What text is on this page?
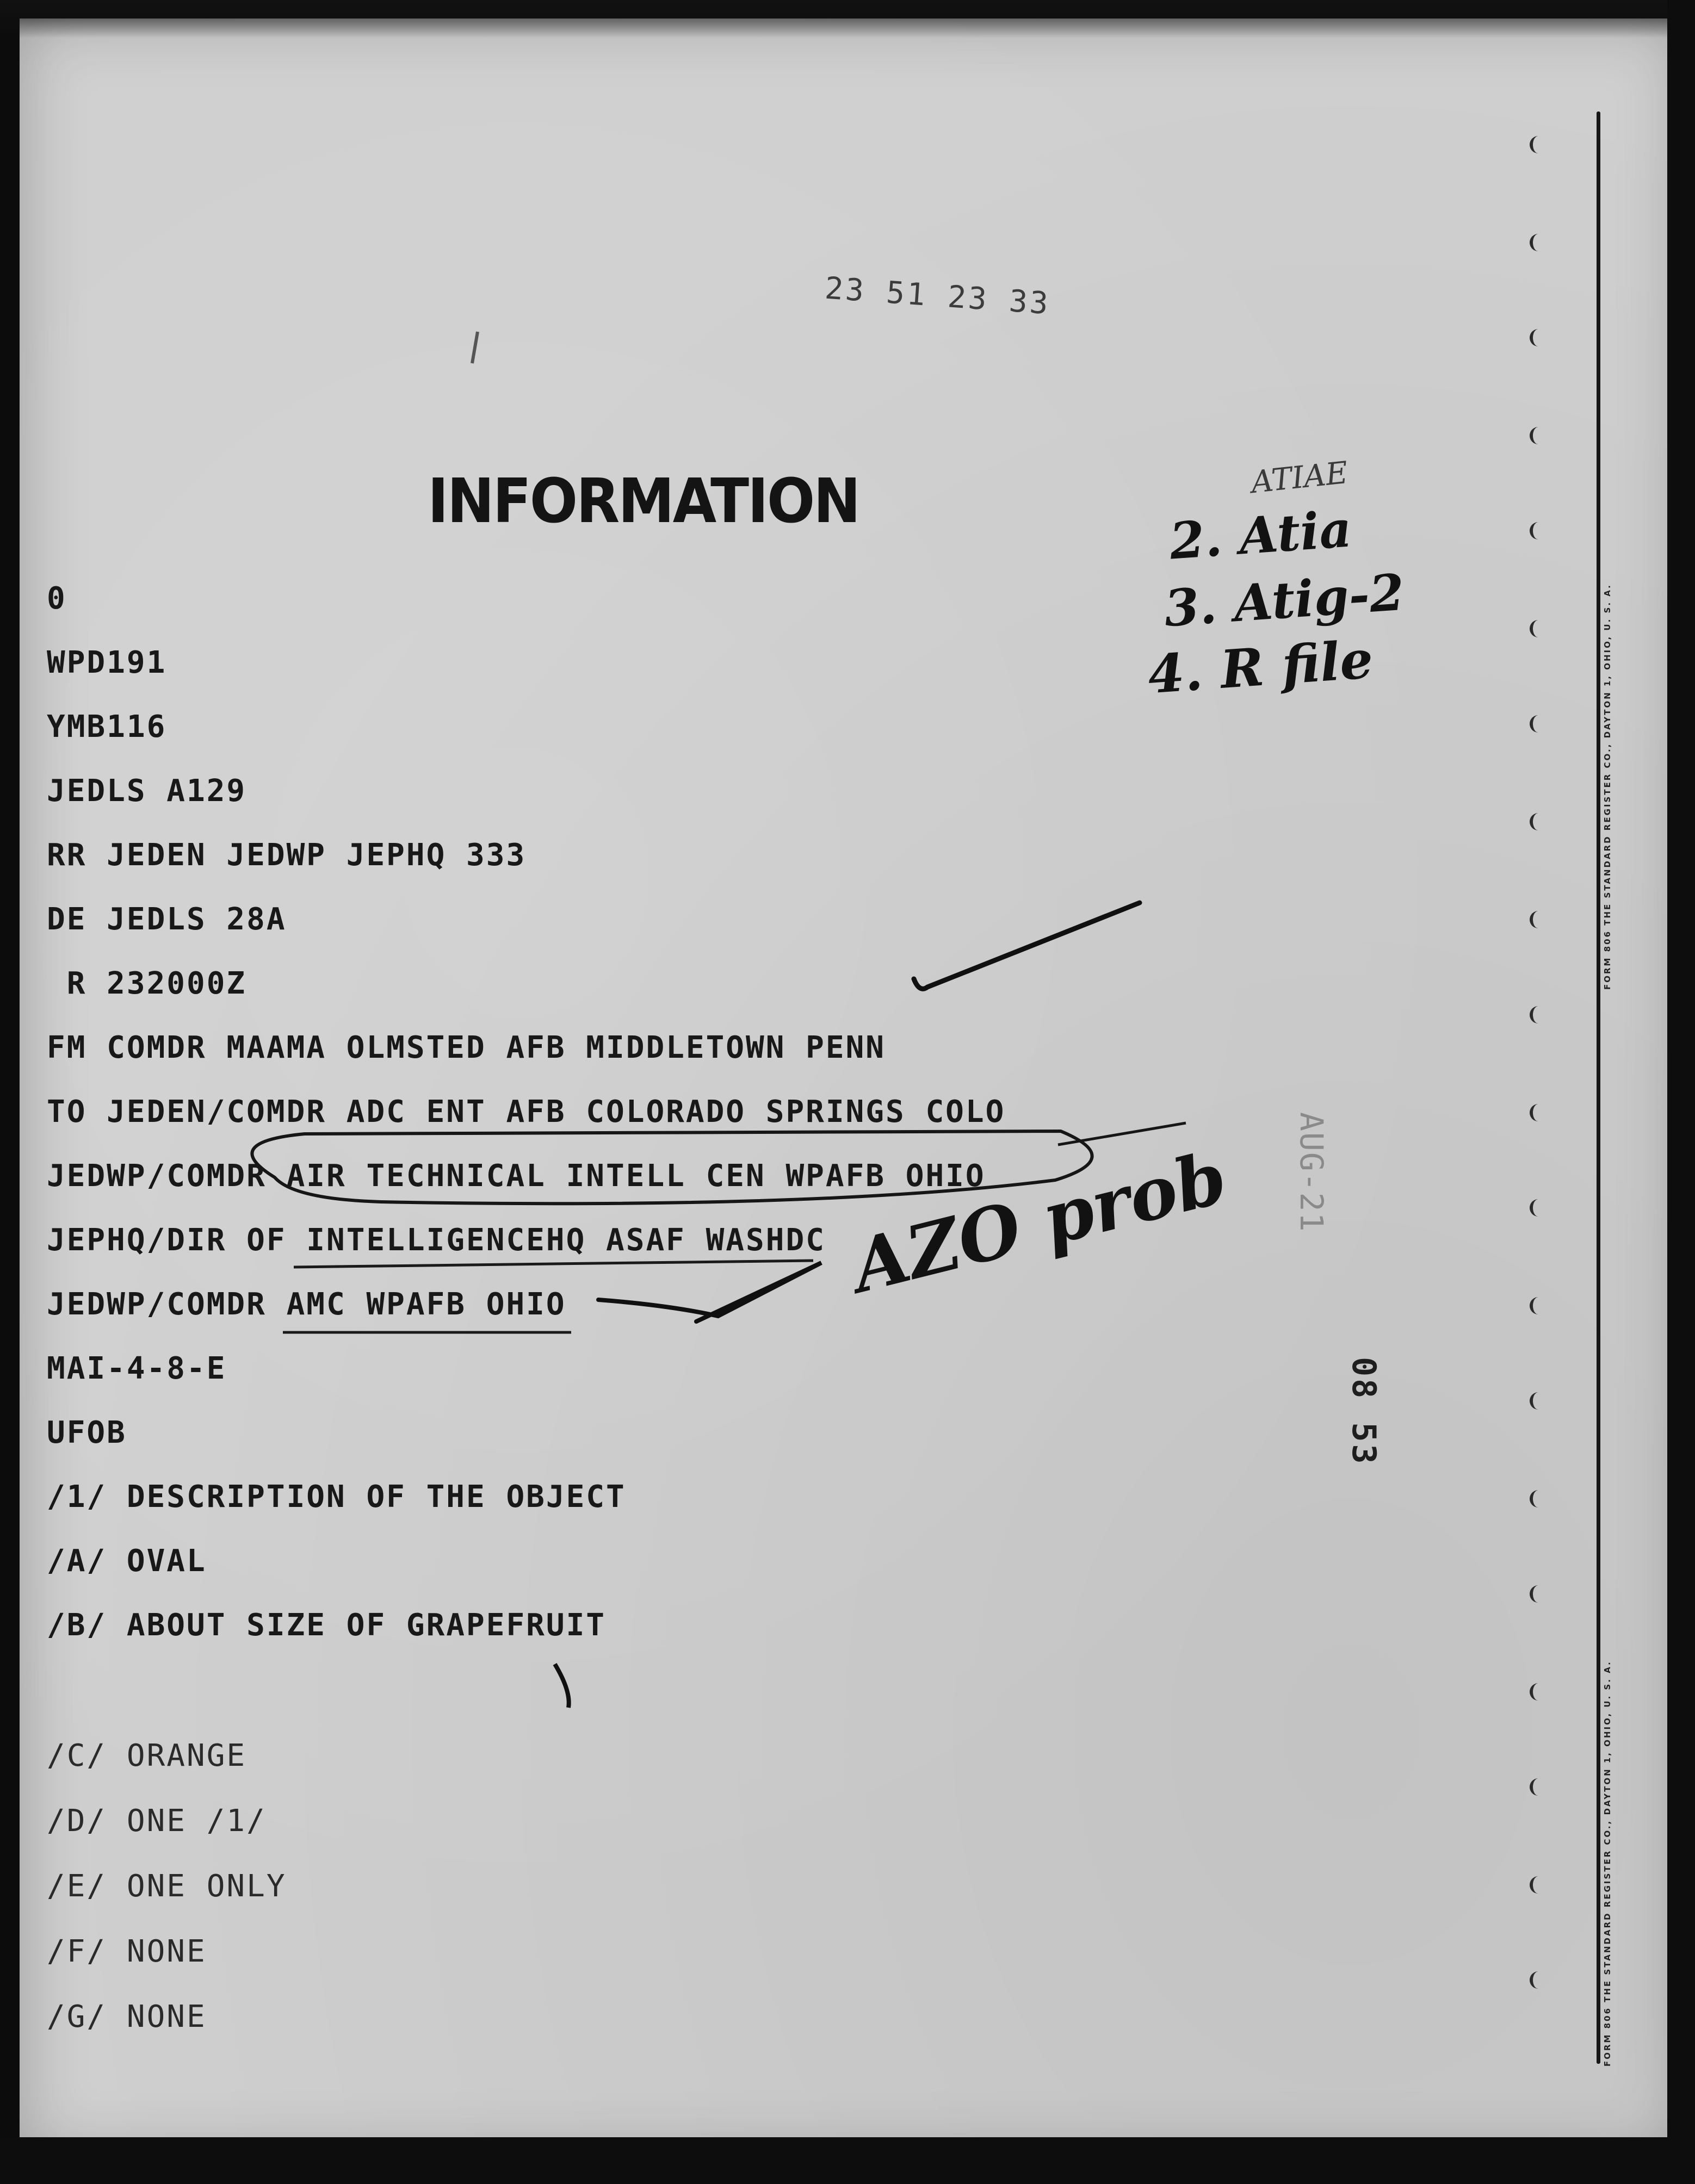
FORM 806 THE STANDARD REGISTER CO., DAYTON 1, OHIO, U. S. A.
FORM 806 THE STANDARD REGISTER CO., DAYTON 1, OHIO, U. S. A.
23 51 23 33
INFORMATION
AUG-21
08 53
0
WPD191
YMB116
JEDLS A129
RR JEDEN JEDWP JEPHQ 333
DE JEDLS 28A
R 232000Z
FM COMDR MAAMA OLMSTED AFB MIDDLETOWN PENN
TO JEDEN/COMDR ADC ENT AFB COLORADO SPRINGS COLO
JEDWP/COMDR AIR TECHNICAL INTELL CEN WPAFB OHIO
JEPHQ/DIR OF INTELLIGENCEHQ ASAF WASHDC
JEDWP/COMDR AMC WPAFB OHIO
MAI-4-8-E
UFOB
/1/ DESCRIPTION OF THE OBJECT
/A/ OVAL
/B/ ABOUT SIZE OF GRAPEFRUIT
/C/ ORANGE
/D/ ONE /1/
/E/ ONE ONLY
/F/ NONE
/G/ NONE
ATIAE
2. Atia
3. Atig-2
4. R file
AZO prob
